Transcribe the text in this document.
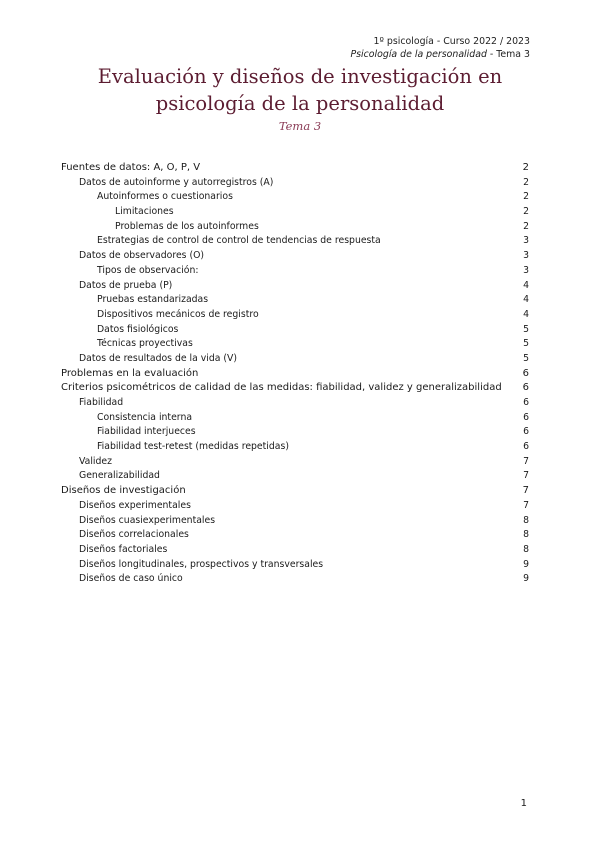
1º psicología - Curso 2022 / 2023
Psicología de la personalidad - Tema 3
Evaluación y diseños de investigación en psicología de la personalidad
Tema 3
Fuentes de datos: A, O, P, V	2
Datos de autoinforme y autorregistros (A)	2
Autoinformes o cuestionarios	2
Limitaciones	2
Problemas de los autoinformes	2
Estrategias de control de control de tendencias de respuesta	3
Datos de observadores (O)	3
Tipos de observación:	3
Datos de prueba (P)	4
Pruebas estandarizadas	4
Dispositivos mecánicos de registro	4
Datos fisiológicos	5
Técnicas proyectivas	5
Datos de resultados de la vida (V)	5
Problemas en la evaluación	6
Criterios psicométricos de calidad de las medidas: fiabilidad, validez y generalizabilidad	6
Fiabilidad	6
Consistencia interna	6
Fiabilidad interjueces	6
Fiabilidad test-retest (medidas repetidas)	6
Validez	7
Generalizabilidad	7
Diseños de investigación	7
Diseños experimentales	7
Diseños cuasiexperimentales	8
Diseños correlacionales	8
Diseños factoriales	8
Diseños longitudinales, prospectivos y transversales	9
Diseños de caso único	9
1
